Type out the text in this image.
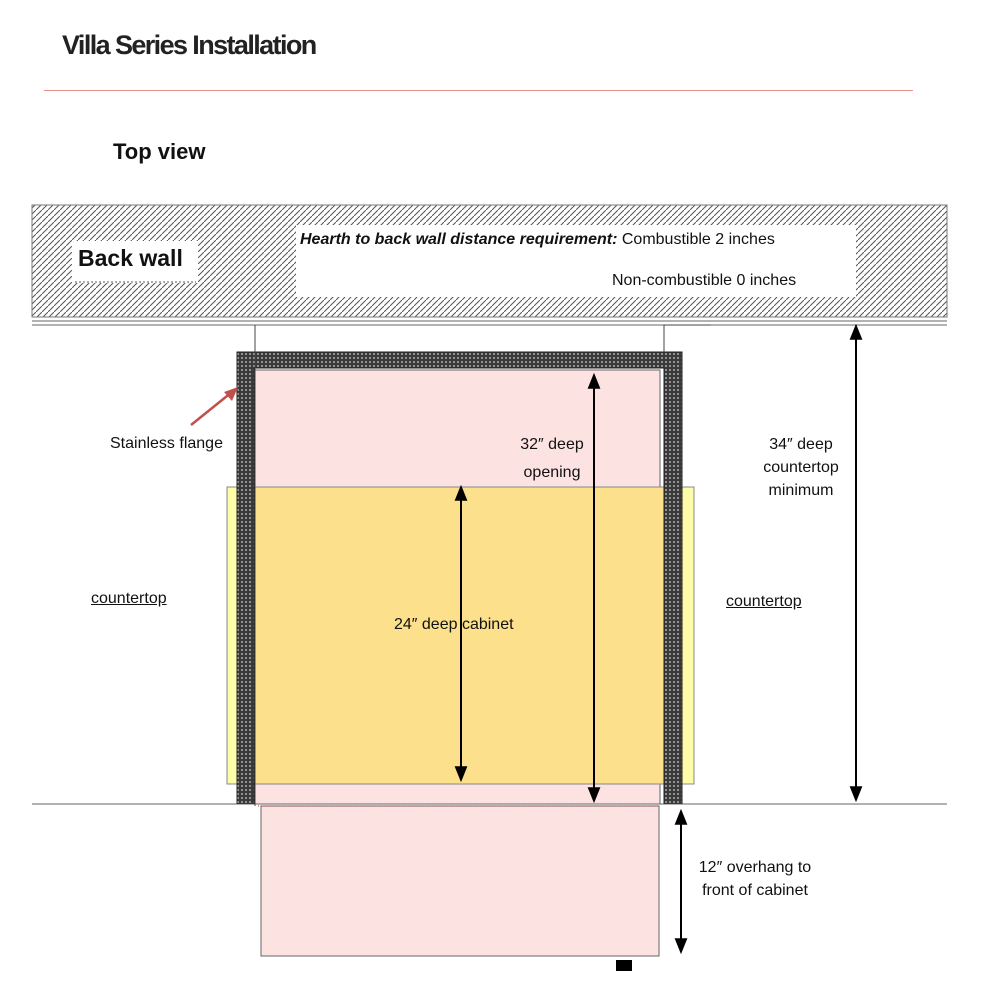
Villa Series Installation
Top view
Back wall
Hearth to back wall distance requirement: Combustible 2 inches
Non-combustible 0 inches
Stainless flange
countertop	countertop
32″ deep
opening
24″ deep cabinet
34″ deep
countertop
minimum
12″ overhang to
front of cabinet
